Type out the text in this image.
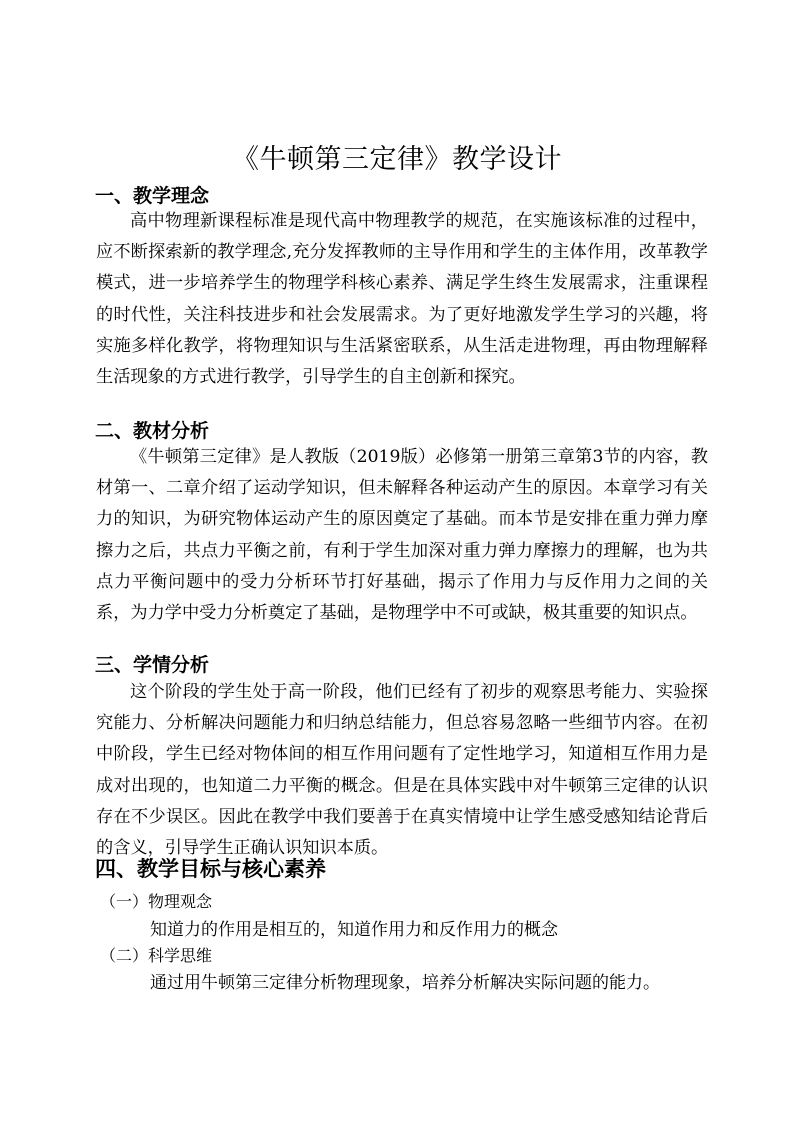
《牛顿第三定律》教学设计
一、教学理念

高中物理新课程标准是现代高中物理教学的规范，在实施该标准的过程中，应不断探索新的教学理念,充分发挥教师的主导作用和学生的主体作用，改革教学模式，进一步培养学生的物理学科核心素养、满足学生终生发展需求，注重课程的时代性，关注科技进步和社会发展需求。为了更好地激发学生学习的兴趣，将实施多样化教学，将物理知识与生活紧密联系，从生活走进物理，再由物理解释生活现象的方式进行教学，引导学生的自主创新和探究。

二、教材分析

《牛顿第三定律》是人教版（2019版）必修第一册第三章第3节的内容，教材第一、二章介绍了运动学知识，但未解释各种运动产生的原因。本章学习有关力的知识，为研究物体运动产生的原因奠定了基础。而本节是安排在重力弹力摩擦力之后，共点力平衡之前，有利于学生加深对重力弹力摩擦力的理解，也为共点力平衡问题中的受力分析环节打好基础，揭示了作用力与反作用力之间的关系，为力学中受力分析奠定了基础，是物理学中不可或缺，极其重要的知识点。

三、学情分析

这个阶段的学生处于高一阶段，他们已经有了初步的观察思考能力、实验探究能力、分析解决问题能力和归纳总结能力，但总容易忽略一些细节内容。在初中阶段，学生已经对物体间的相互作用问题有了定性地学习，知道相互作用力是成对出现的，也知道二力平衡的概念。但是在具体实践中对牛顿第三定律的认识存在不少误区。因此在教学中我们要善于在真实情境中让学生感受感知结论背后的含义，引导学生正确认识知识本质。

四、教学目标与核心素养

（一）物理观念

知道力的作用是相互的，知道作用力和反作用力的概念

（二）科学思维

通过用牛顿第三定律分析物理现象，培养分析解决实际问题的能力。
